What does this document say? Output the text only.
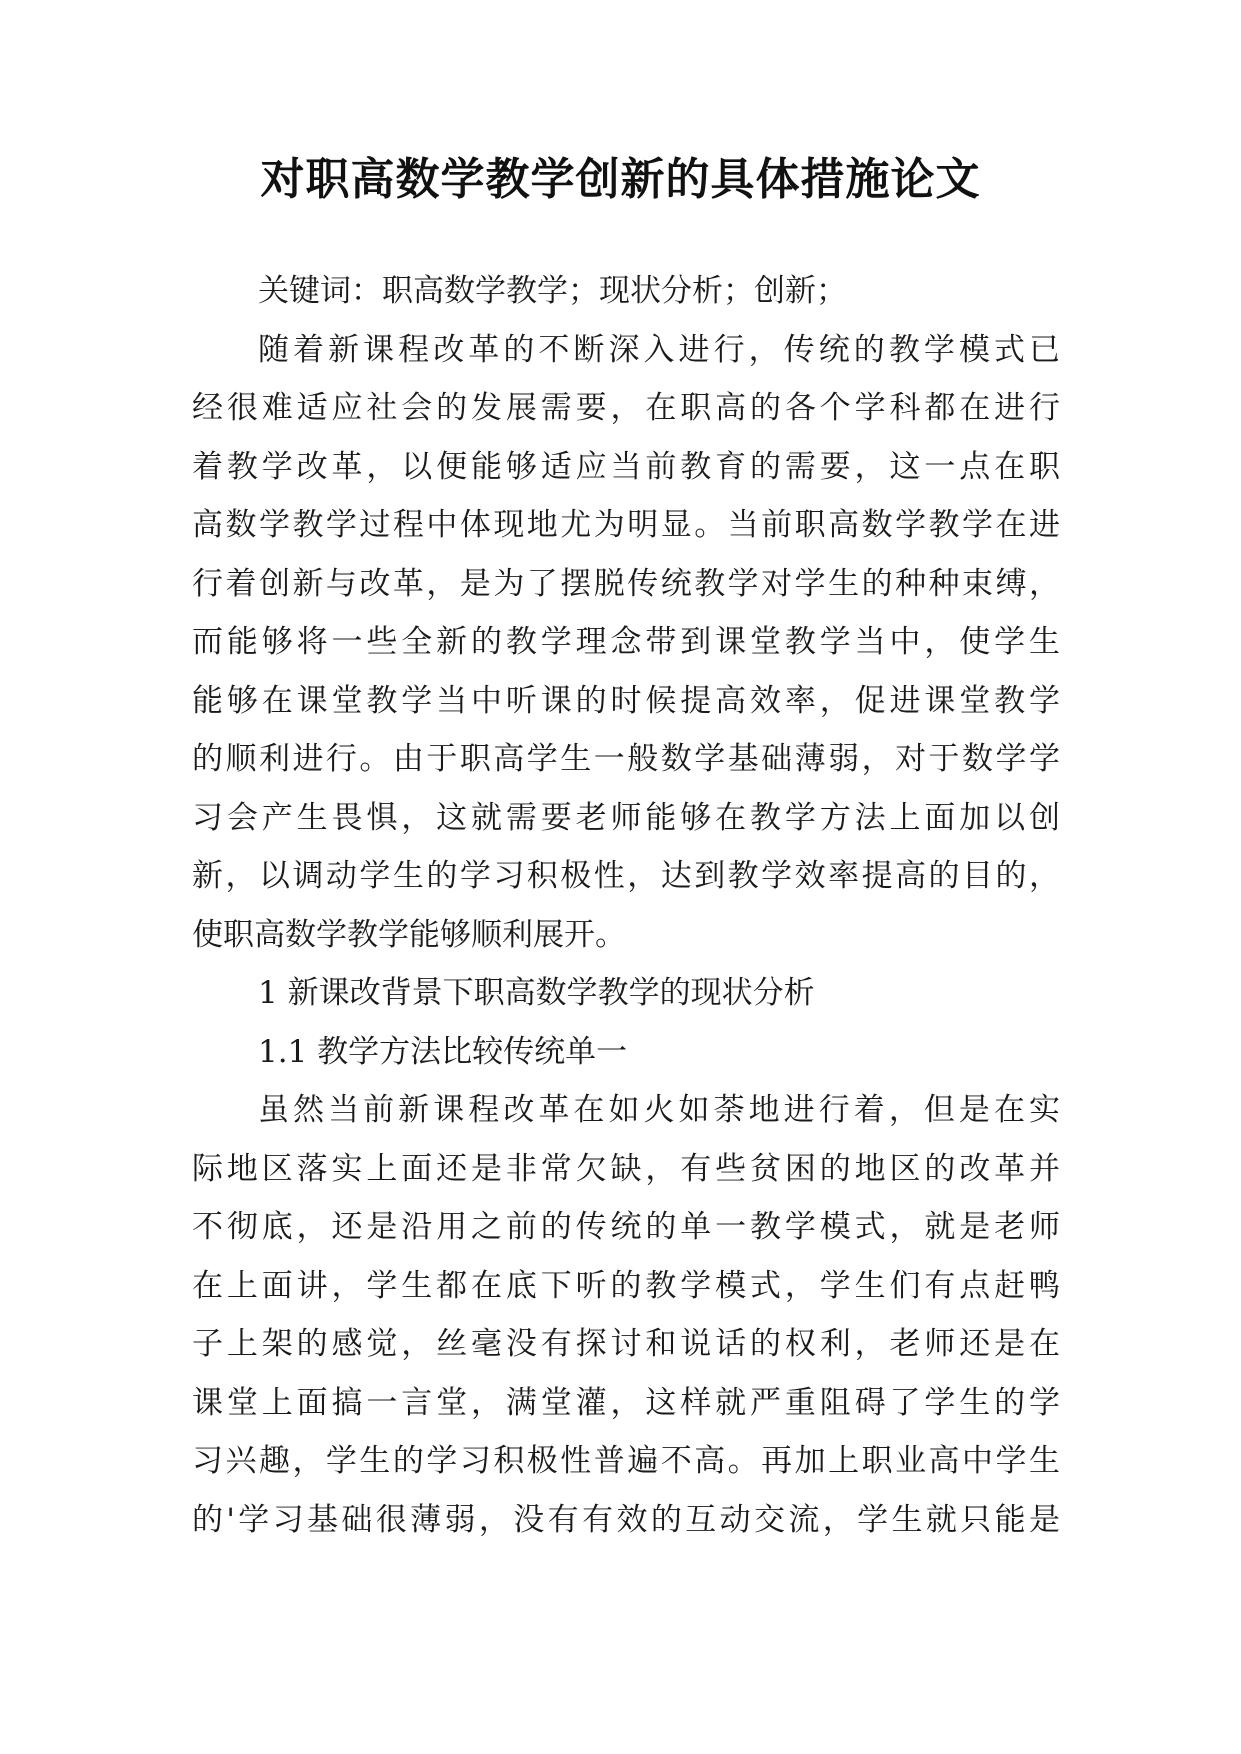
对职高数学教学创新的具体措施论文
关键词：职高数学教学；现状分析；创新；
随着新课程改革的不断深入进行，传统的教学模式已
经很难适应社会的发展需要，在职高的各个学科都在进行
着教学改革，以便能够适应当前教育的需要，这一点在职
高数学教学过程中体现地尤为明显。当前职高数学教学在进
行着创新与改革，是为了摆脱传统教学对学生的种种束缚，
而能够将一些全新的教学理念带到课堂教学当中，使学生
能够在课堂教学当中听课的时候提高效率，促进课堂教学
的顺利进行。由于职高学生一般数学基础薄弱，对于数学学
习会产生畏惧，这就需要老师能够在教学方法上面加以创
新，以调动学生的学习积极性，达到教学效率提高的目的，
使职高数学教学能够顺利展开。
1 新课改背景下职高数学教学的现状分析
1.1 教学方法比较传统单一
虽然当前新课程改革在如火如荼地进行着，但是在实
际地区落实上面还是非常欠缺，有些贫困的地区的改革并
不彻底，还是沿用之前的传统的单一教学模式，就是老师
在上面讲，学生都在底下听的教学模式，学生们有点赶鸭
子上架的感觉，丝毫没有探讨和说话的权利，老师还是在
课堂上面搞一言堂，满堂灌，这样就严重阻碍了学生的学
习兴趣，学生的学习积极性普遍不高。再加上职业高中学生
的'学习基础很薄弱，没有有效的互动交流，学生就只能是
